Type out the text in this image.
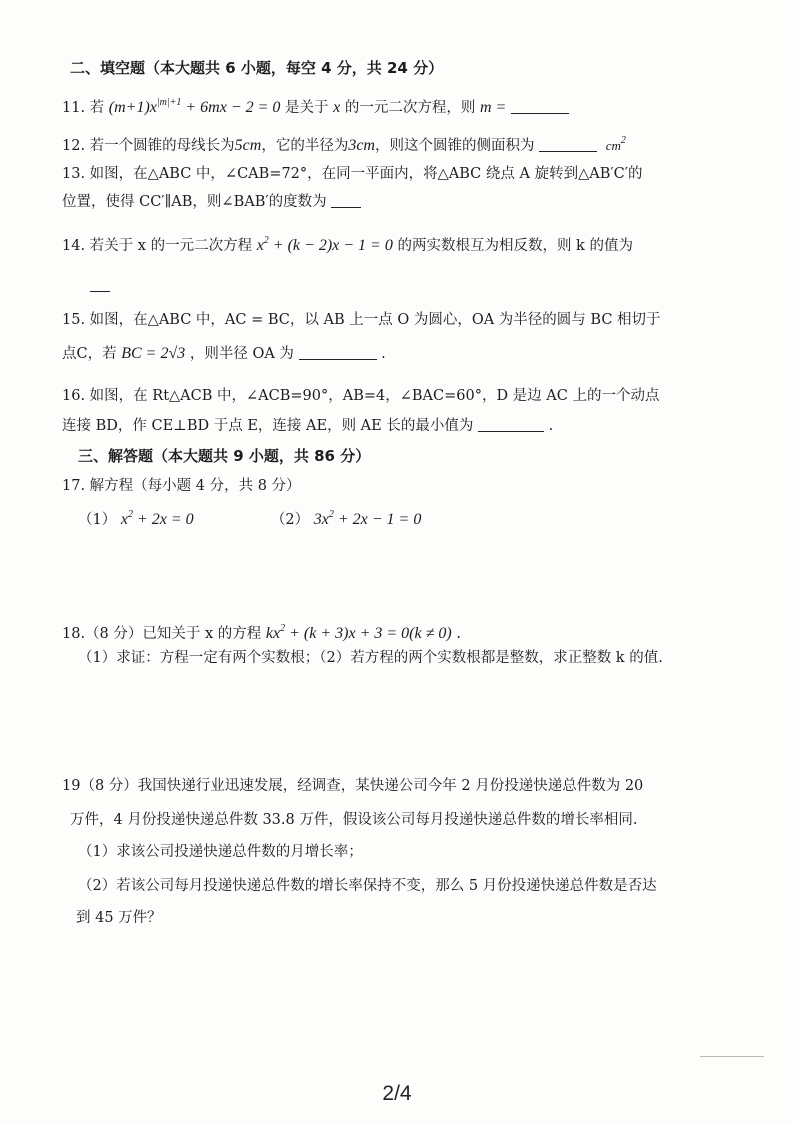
二、填空题（本大题共 6 小题，每空 4 分，共 24 分）
11. 若 $(m+1)x^{|m|+1} + 6mx - 2 = 0$ 是关于 x 的一元二次方程，则 m =
12. 若一个圆锥的母线长为5cm，它的半径为3cm，则这个圆锥的侧面积为	$cm^2$
13. 如图，在△ABC 中，∠CAB=72°，在同一平面内，将△ABC 绕点 A 旋转到△AB′C′的
位置，使得 CC′∥AB，则∠BAB′的度数为
14. 若关于 x 的一元二次方程 $x^2 + (k - 2)x - 1 = 0$ 的两实数根互为相反数，则 k 的值为
15. 如图，在△ABC 中，AC = BC，以 AB 上一点 O 为圆心，OA 为半径的圆与 BC 相切于
点C，若 BC = 2√3 ，则半径 OA 为	.
16. 如图，在 Rt△ACB 中，∠ACB=90°，AB=4，∠BAC=60°，D 是边 AC 上的一个动点
连接 BD，作 CE⊥BD 于点 E，连接 AE，则 AE 长的最小值为	.
三、解答题（本大题共 9 小题，共 86 分）
17. 解方程（每小题 4 分，共 8 分）
（1） $x^2 + 2x = 0$	（2） $3x^2 + 2x - 1 = 0$
18.（8 分）已知关于 x 的方程 $kx^2 + (k + 3)x + 3 = 0(k \ne 0)$ .
（1）求证：方程一定有两个实数根；（2）若方程的两个实数根都是整数，求正整数 k 的值.
19（8 分）我国快递行业迅速发展，经调查，某快递公司今年 2 月份投递快递总件数为 20
万件，4 月份投递快递总件数 33.8 万件，假设该公司每月投递快递总件数的增长率相同.
（1）求该公司投递快递总件数的月增长率；
（2）若该公司每月投递快递总件数的增长率保持不变，那么 5 月份投递快递总件数是否达
到 45 万件？
2/4
